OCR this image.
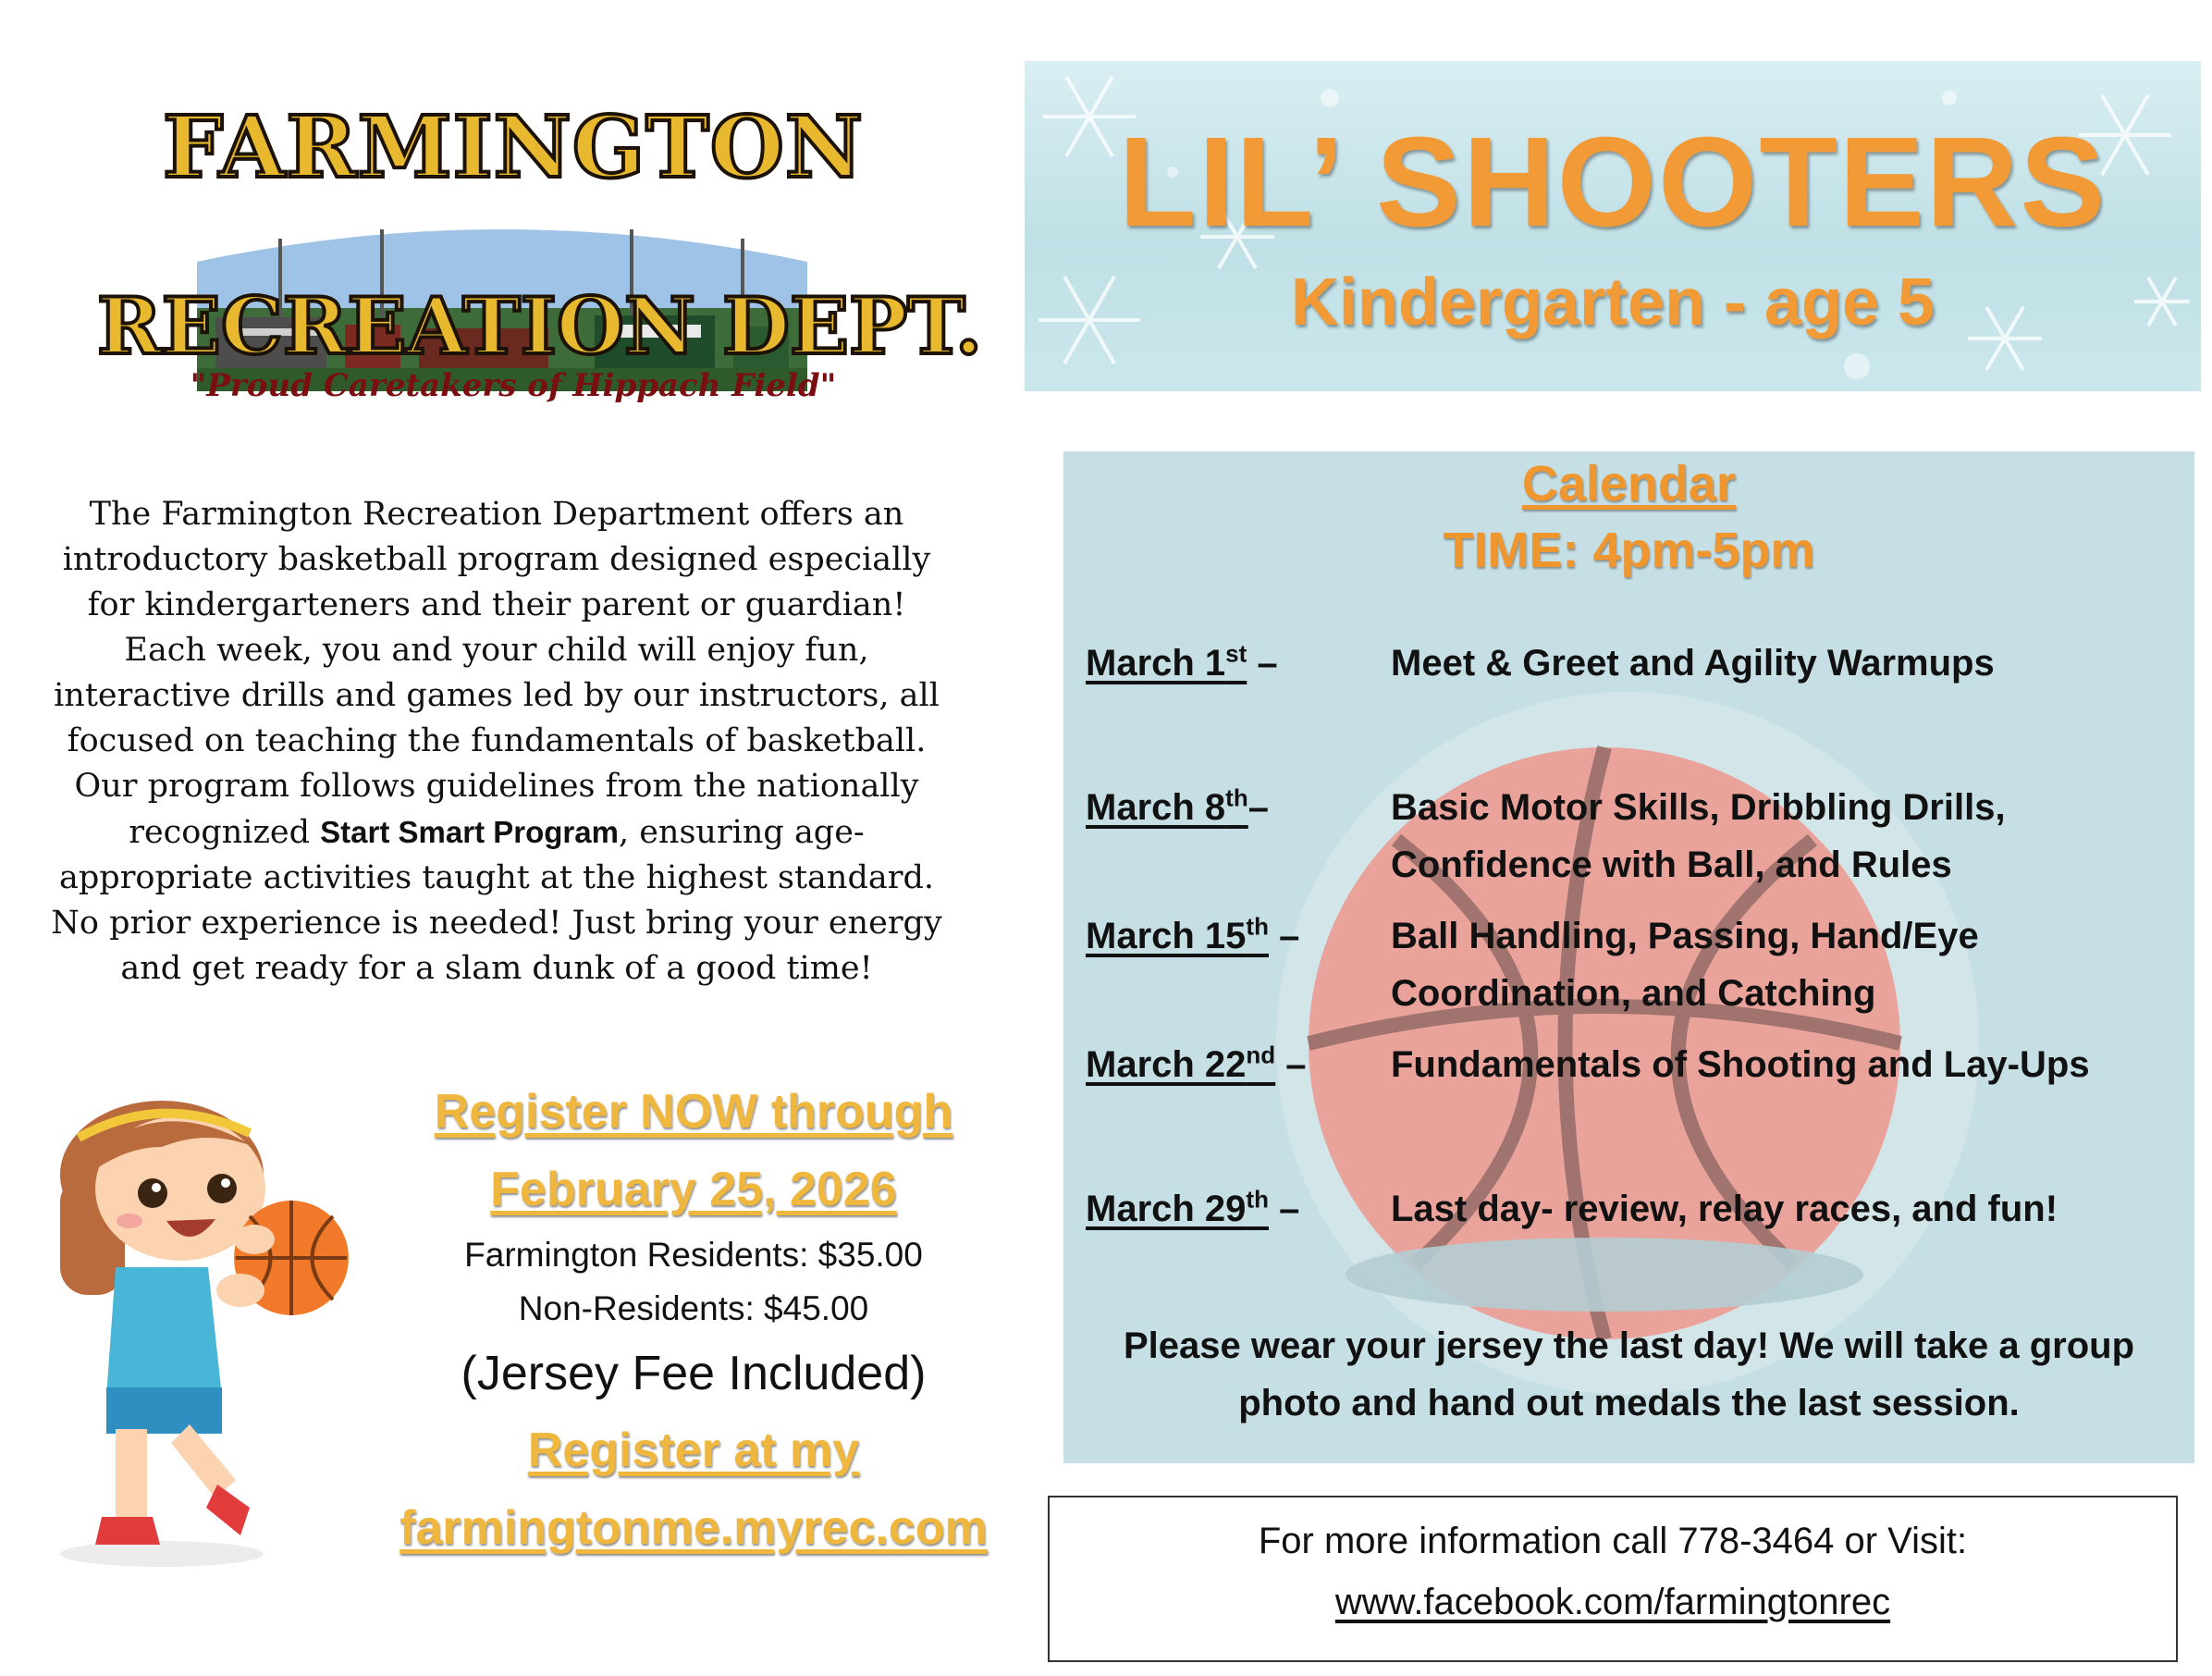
FARMINGTON
RECREATION DEPT.
"Proud Caretakers of Hippach Field"
The Farmington Recreation Department offers an introductory basketball program designed especially for kindergarteners and their parent or guardian! Each week, you and your child will enjoy fun, interactive drills and games led by our instructors, all focused on teaching the fundamentals of basketball. Our program follows guidelines from the nationally recognized Start Smart Program, ensuring age-appropriate activities taught at the highest standard. No prior experience is needed! Just bring your energy and get ready for a slam dunk of a good time!
Register NOW through
February 25, 2026
Farmington Residents: $35.00
Non-Residents: $45.00
(Jersey Fee Included)
Register at my
farmingtonme.myrec.com
LIL’ SHOOTERS
Kindergarten - age 5
Calendar
TIME: 4pm-5pm
March 1st –	Meet & Greet and Agility Warmups
March 8th–	Basic Motor Skills, Dribbling Drills, Confidence with Ball, and Rules
March 15th – Ball Handling, Passing, Hand/Eye Coordination, and Catching
March 22nd – Fundamentals of Shooting and Lay-Ups
March 29th – Last day- review, relay races, and fun!
Please wear your jersey the last day! We will take a group photo and hand out medals the last session.
For more information call 778-3464 or Visit:
www.facebook.com/farmingtonrec
